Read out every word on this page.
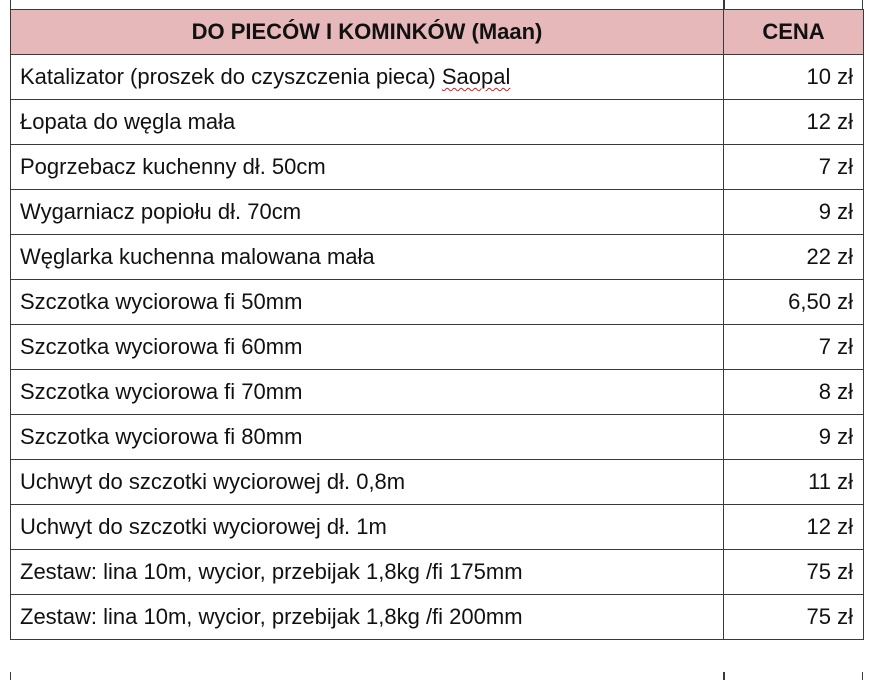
DO PIECÓW I KOMINKÓW (Maan)	CENA
Katalizator (proszek do czyszczenia pieca) Saopal	10 zł
Łopata do węgla mała	12 zł
Pogrzebacz kuchenny dł. 50cm	7 zł
Wygarniacz popiołu dł. 70cm	9 zł
Węglarka kuchenna malowana mała	22 zł
Szczotka wyciorowa fi 50mm	6,50 zł
Szczotka wyciorowa fi 60mm	7 zł
Szczotka wyciorowa fi 70mm	8 zł
Szczotka wyciorowa fi 80mm	9 zł
Uchwyt do szczotki wyciorowej dł. 0,8m	11 zł
Uchwyt do szczotki wyciorowej dł. 1m	12 zł
Zestaw: lina 10m, wycior, przebijak 1,8kg /fi 175mm	75 zł
Zestaw: lina 10m, wycior, przebijak 1,8kg /fi 200mm	75 zł
